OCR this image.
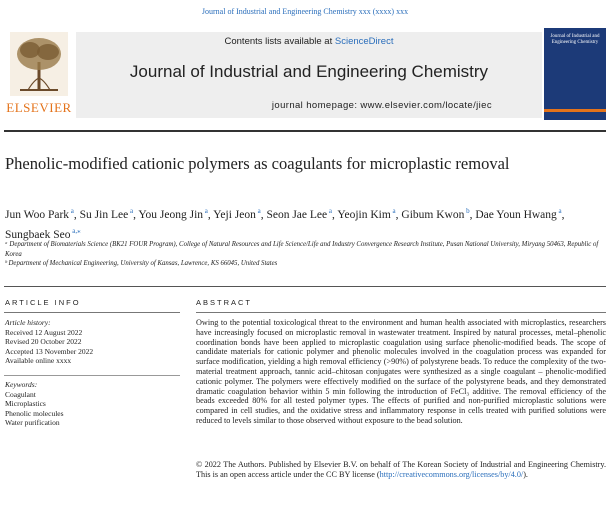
Journal of Industrial and Engineering Chemistry xxx (xxxx) xxx
ELSEVIER
Contents lists available at ScienceDirect
Journal of Industrial and Engineering Chemistry
journal homepage: www.elsevier.com/locate/jiec
Journal of Industrial and Engineering Chemistry
Phenolic-modified cationic polymers as coagulants for microplastic removal
Jun Woo Park $^a$, Su Jin Lee $^a$, You Jeong Jin $^a$, Yeji Jeon $^a$, Seon Jae Lee $^a$, Yeojin Kim $^a$, Gibum Kwon $^b$, Dae Youn Hwang $^a$, Sungbaek Seo $^{a,⁎}$
ᵃ Department of Biomaterials Science (BK21 FOUR Program), College of Natural Resources and Life Science/Life and Industry Convergence Research Institute, Pusan National University, Miryang 50463, Republic of Korea
ᵇ Department of Mechanical Engineering, University of Kansas, Lawrence, KS 66045, United States
ARTICLE INFO	ABSTRACT
Article history:
Received 12 August 2022
Revised 20 October 2022
Accepted 13 November 2022
Available online xxxx
Keywords:
Coagulant
Microplastics
Phenolic molecules
Water purification
Owing to the potential toxicological threat to the environment and human health associated with microplastics, researchers have increasingly focused on microplastic removal in wastewater treatment. Inspired by natural processes, metal–phenolic coordination bonds have been applied to microplastic coagulation using surface phenolic-modified beads. The scope of candidate materials for cationic polymer and phenolic molecules involved in the coagulation process was expanded for surface modification, yielding a high removal efficiency (>90%) of polystyrene beads. To reduce the complexity of the two-material treatment approach, tannic acid–chitosan conjugates were synthesized as a single coagulant – phenolic-modified cationic polymer. The polymers were effectively modified on the surface of the polystyrene beads, and they demonstrated dramatic coagulation behavior within 5 min following the introduction of FeCl₃ additive. The removal efficiency of the beads exceeded 80% for all tested polymer types. The effects of purified and non-purified microplastic solutions were compared in cell studies, and the oxidative stress and inflammatory response in cells treated with purified solutions were reduced to levels similar to those observed without exposure to the bead solution.
© 2022 The Authors. Published by Elsevier B.V. on behalf of The Korean Society of Industrial and Engineering Chemistry. This is an open access article under the CC BY license (http://creativecommons.org/licenses/by/4.0/).
